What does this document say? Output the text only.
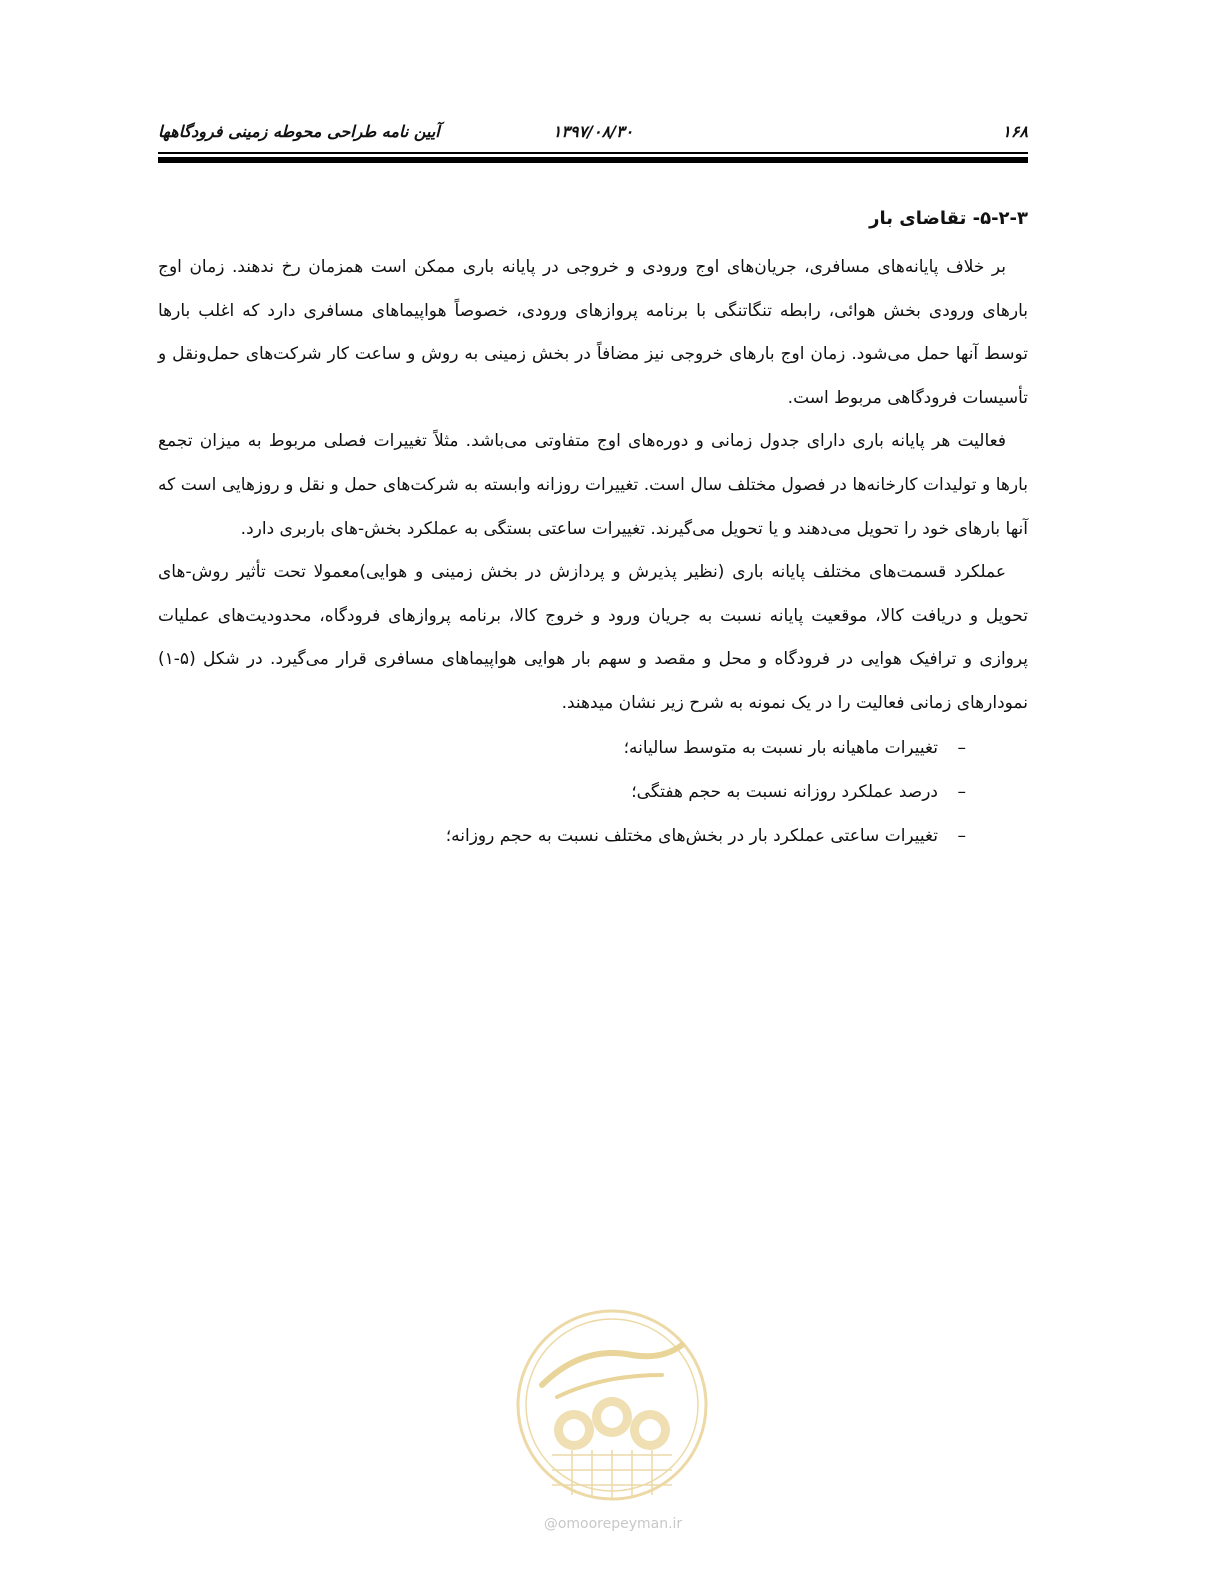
۱۶۸
۱۳۹۷/۰۸/۳۰
آیین نامه طراحی محوطه زمینی فرودگاهها
۵-۲-۳- تقاضای بار

بر خلاف پایانه‌های مسافری، جریان‌های اوج ورودی و خروجی در پایانه باری ممکن است همزمان رخ ندهند. زمان اوج بارهای ورودی بخش هوائی، رابطه تنگاتنگی با برنامه پروازهای ورودی، خصوصاً هواپیماهای مسافری دارد که اغلب بارها توسط آنها حمل می‌شود. زمان اوج بارهای خروجی نیز مضافاً در بخش زمینی به روش و ساعت کار شرکت‌های حمل‌ونقل و تأسیسات فرودگاهی مربوط است.

فعالیت هر پایانه باری دارای جدول زمانی و دوره‌های اوج متفاوتی می‌باشد. مثلاً تغییرات فصلی مربوط به میزان تجمع بارها و تولیدات کارخانه‌ها در فصول مختلف سال است. تغییرات روزانه وابسته به شرکت‌های حمل و نقل و روزهایی است که آنها بارهای خود را تحویل می‌دهند و یا تحویل می‌گیرند. تغییرات ساعتی بستگی به عملکرد بخش-های باربری دارد.

عملکرد قسمت‌های مختلف پایانه باری (نظیر پذیرش و پردازش در بخش زمینی و هوایی)معمولا تحت تأثیر روش-های تحویل و دریافت کالا، موقعیت پایانه نسبت به جریان ورود و خروج کالا، برنامه پروازهای فرودگاه، محدودیت‌های عملیات پروازی و ترافیک هوایی در فرودگاه و محل و مقصد و سهم بار هوایی هواپیماهای مسافری قرار می‌گیرد. در شکل (۵-۱) نمودارهای زمانی فعالیت را در یک نمونه به شرح زیر نشان میدهند.

–
تغییرات ماهیانه بار نسبت به متوسط سالیانه؛
–
درصد عملکرد روزانه نسبت به حجم هفتگی؛
–
تغییرات ساعتی عملکرد بار در بخش‌های مختلف نسبت به حجم روزانه؛
@omoorepeyman.ir
